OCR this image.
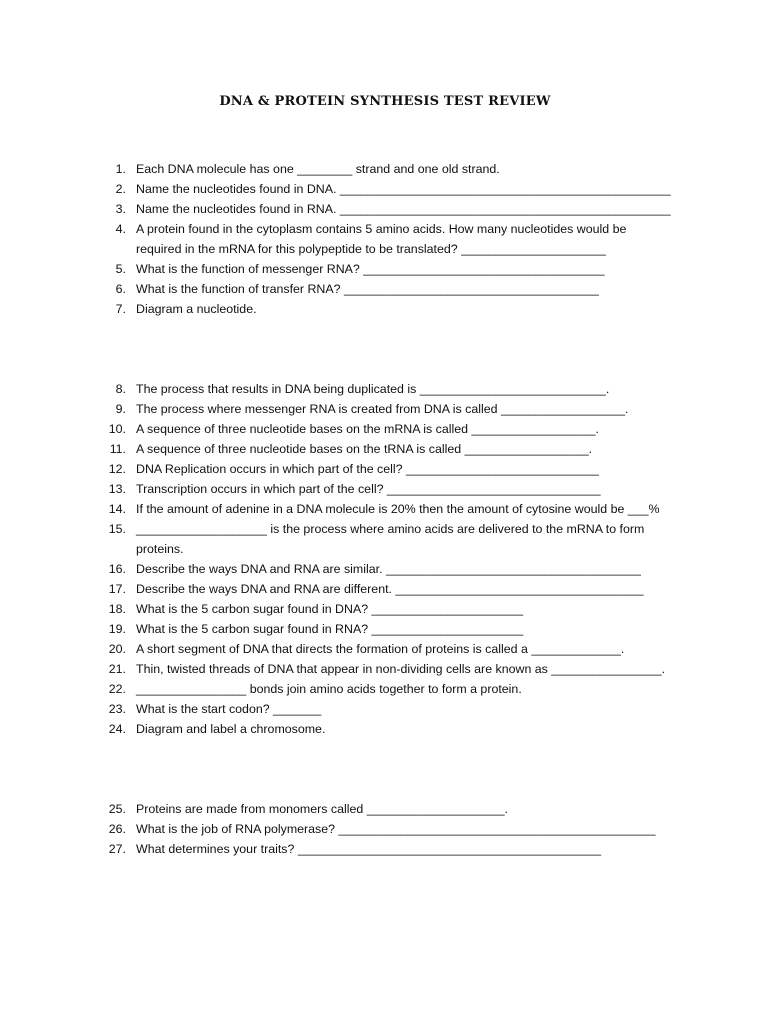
DNA & PROTEIN SYNTHESIS TEST REVIEW
1. Each DNA molecule has one ________ strand and one old strand.
2. Name the nucleotides found in DNA. ________________________________________________
3. Name the nucleotides found in RNA. ________________________________________________
4. A protein found in the cytoplasm contains 5 amino acids. How many nucleotides would be
required in the mRNA for this polypeptide to be translated? _____________________
5. What is the function of messenger RNA? ___________________________________
6. What is the function of transfer RNA? _____________________________________
7. Diagram a nucleotide.
8. The process that results in DNA being duplicated is ___________________________.
9. The process where messenger RNA is created from DNA is called __________________.
10. A sequence of three nucleotide bases on the mRNA is called __________________.
11. A sequence of three nucleotide bases on the tRNA is called __________________.
12. DNA Replication occurs in which part of the cell? ____________________________
13. Transcription occurs in which part of the cell? _______________________________
14. If the amount of adenine in a DNA molecule is 20% then the amount of cytosine would be ___%
15. ___________________ is the process where amino acids are delivered to the mRNA to form
proteins.
16. Describe the ways DNA and RNA are similar. _____________________________________
17. Describe the ways DNA and RNA are different. ____________________________________
18. What is the 5 carbon sugar found in DNA? ______________________
19. What is the 5 carbon sugar found in RNA? ______________________
20. A short segment of DNA that directs the formation of proteins is called a _____________.
21. Thin, twisted threads of DNA that appear in non-dividing cells are known as ________________.
22. ________________ bonds join amino acids together to form a protein.
23. What is the start codon? _______
24. Diagram and label a chromosome.
25. Proteins are made from monomers called ____________________.
26. What is the job of RNA polymerase? ______________________________________________
27. What determines your traits? ____________________________________________
